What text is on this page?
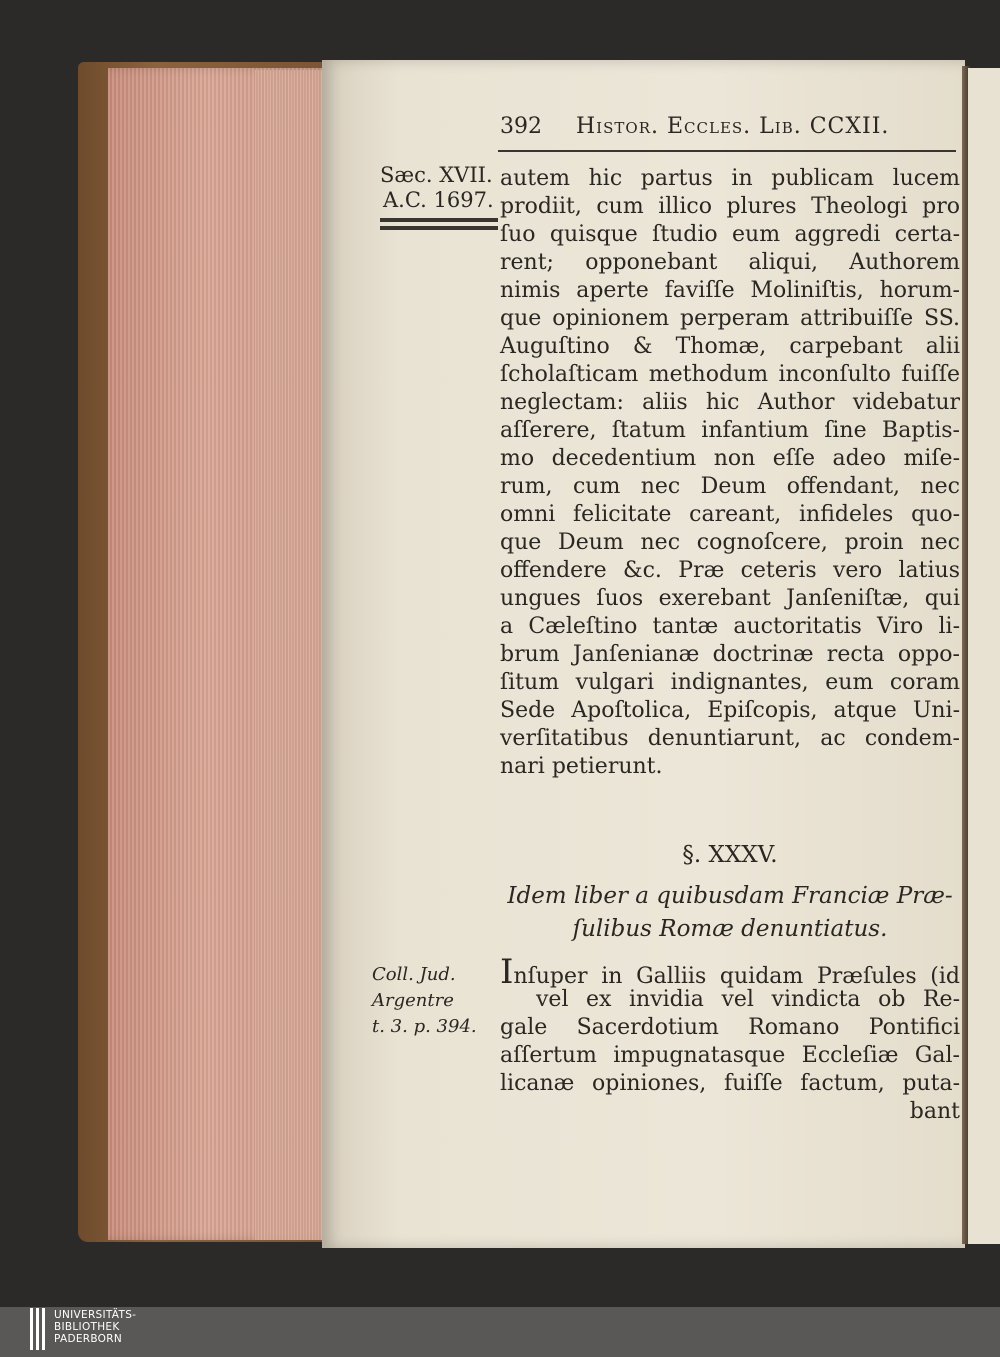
392 Histor. Eccles. Lib. CCXII.
Sæc. XVII.
A.C. 1697.
autem hic partus in publicam lucem
prodiit, cum illico plures Theologi pro
ſuo quisque ſtudio eum aggredi certa-
rent; opponebant aliqui, Authorem
nimis aperte faviſſe Moliniſtis, horum-
que opinionem perperam attribuiſſe SS.
Auguſtino & Thomæ, carpebant alii
ſcholaſticam methodum inconſulto fuiſſe
neglectam: aliis hic Author videbatur
aſſerere, ſtatum infantium ſine Baptis-
mo decedentium non eſſe adeo miſe-
rum, cum nec Deum offendant, nec
omni felicitate careant, infideles quo-
que Deum nec cognoſcere, proin nec
offendere &c. Præ ceteris vero latius
ungues ſuos exerebant Janſeniſtæ, qui
a Cæleſtino tantæ auctoritatis Viro li-
brum Janſenianæ doctrinæ recta oppo-
ſitum vulgari indignantes, eum coram
Sede Apoſtolica, Epiſcopis, atque Uni-
verſitatibus denuntiarunt, ac condem-
nari petierunt.
§. XXXV.
Idem liber a quibusdam Franciæ Præ-
ſulibus Romæ denuntiatus.
Coll. Jud.
Argentre
t. 3. p. 394.
Inſuper in Galliis quidam Præſules (id
vel ex invidia vel vindicta ob Re-
gale Sacerdotium Romano Pontifici
aſſertum impugnatasque Eccleſiæ Gal-
licanæ opiniones, fuiſſe factum, puta-
bant
UNIVERSITÄTS-
BIBLIOTHEK
PADERBORN
